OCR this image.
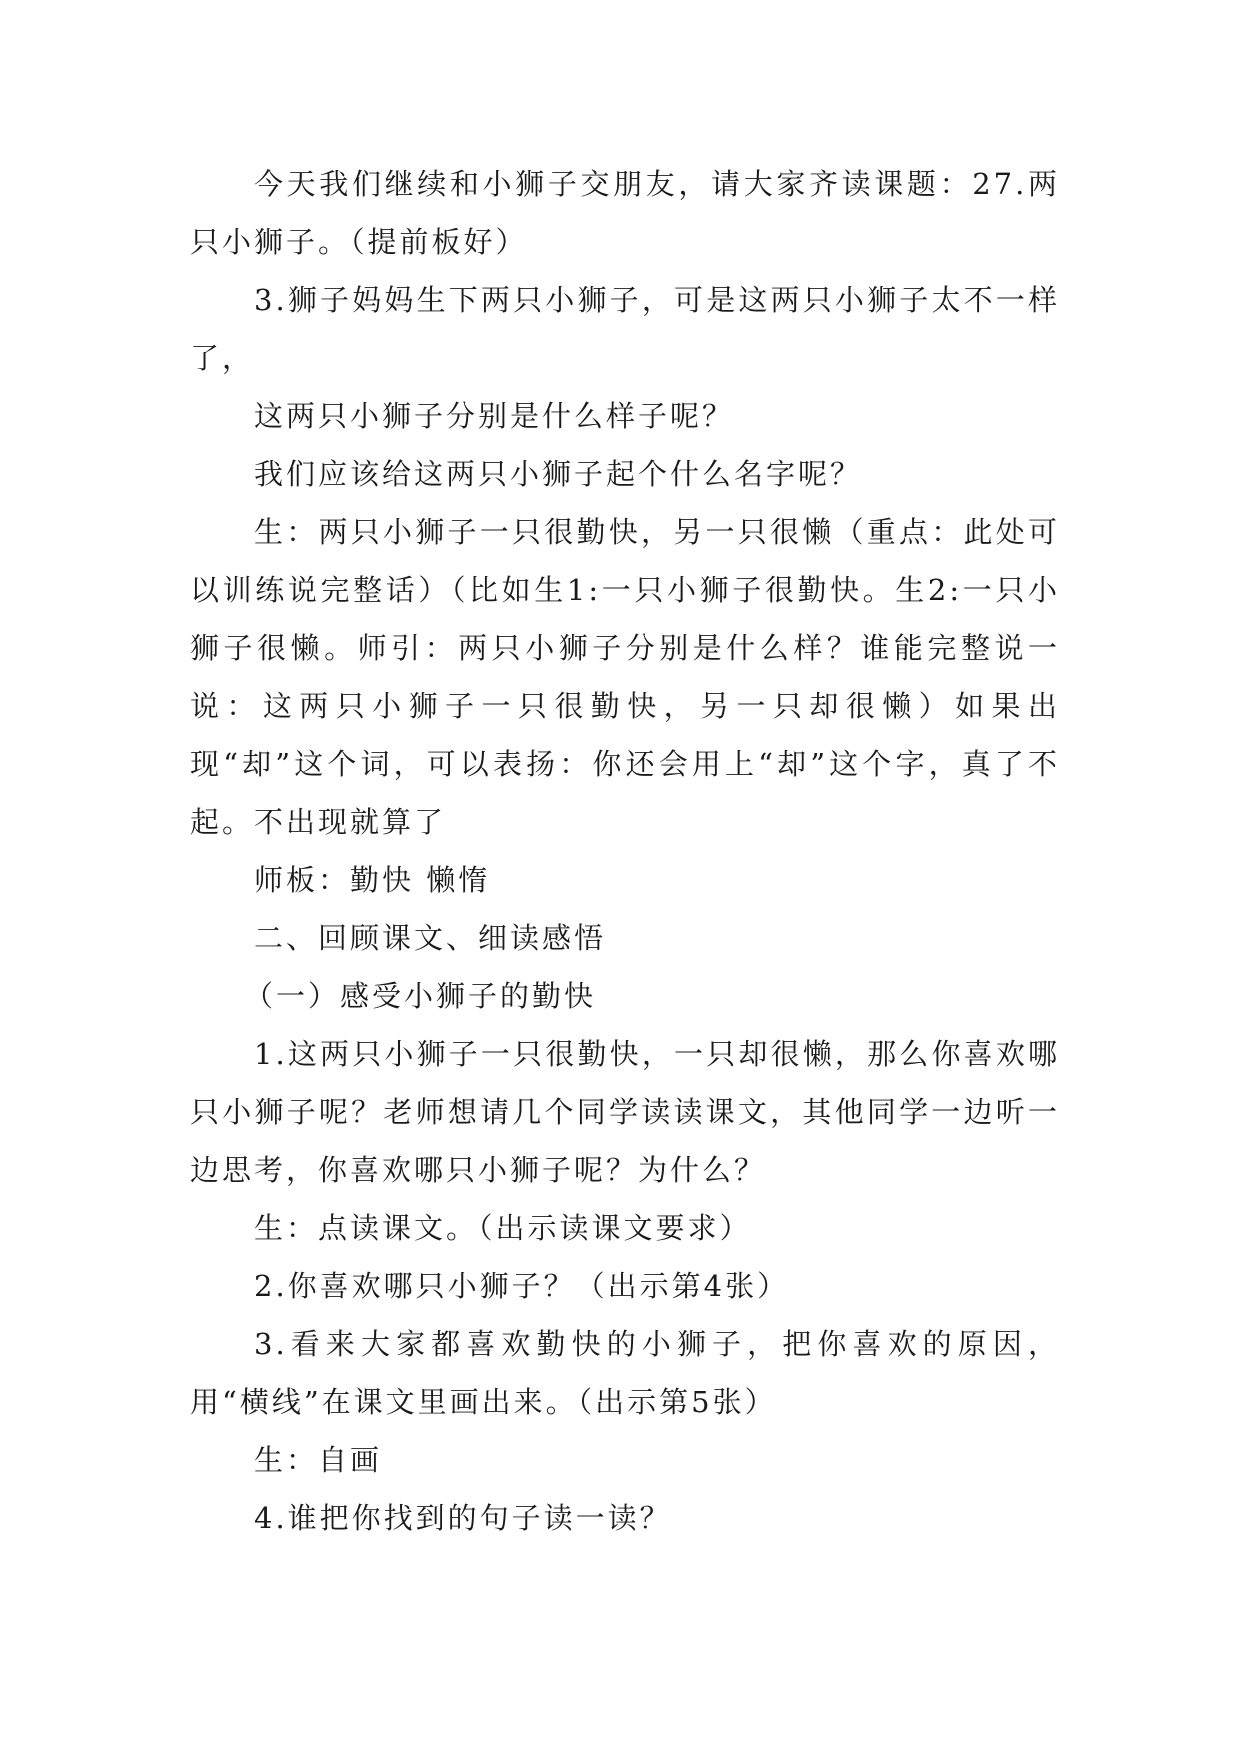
今天我们继续和小狮子交朋友，请大家齐读课题：27.两只小狮子。（提前板好）

3.狮子妈妈生下两只小狮子，可是这两只小狮子太不一样了，

这两只小狮子分别是什么样子呢？

我们应该给这两只小狮子起个什么名字呢？

生：两只小狮子一只很勤快，另一只很懒（重点：此处可以训练说完整话）（比如生1:一只小狮子很勤快。生2:一只小狮子很懒。师引：两只小狮子分别是什么样？谁能完整说一说：这两只小狮子一只很勤快，另一只却很懒）如果出现“却”这个词，可以表扬：你还会用上“却”这个字，真了不起。不出现就算了

师板：勤快 懒惰

二、回顾课文、细读感悟

（一）感受小狮子的勤快

1.这两只小狮子一只很勤快，一只却很懒，那么你喜欢哪只小狮子呢？老师想请几个同学读读课文，其他同学一边听一边思考，你喜欢哪只小狮子呢？为什么？

生：点读课文。（出示读课文要求）

2.你喜欢哪只小狮子？（出示第4张）

3.看来大家都喜欢勤快的小狮子，把你喜欢的原因，用“横线”在课文里画出来。（出示第5张）

生：自画

4.谁把你找到的句子读一读？
